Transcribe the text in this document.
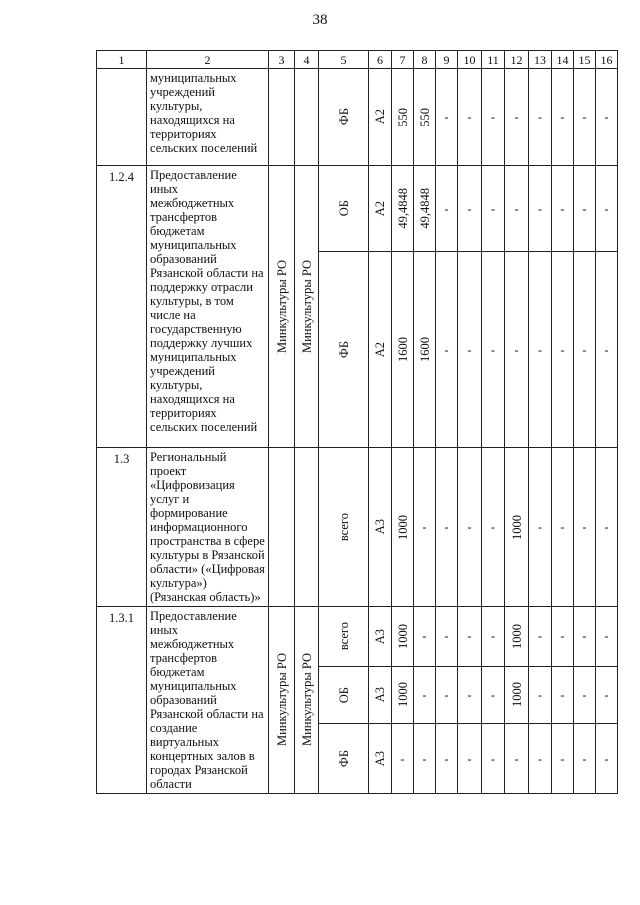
38
1	2	3	4	5	6	7	8	9	10	11	12	13	14	15	16
	муниципальных учреждений культуры, находящихся на территориях сельских поселений			ФБ	А2	550	550	-	-	-	-	-	-	-	-
1.2.4	Предоставление иных межбюджетных трансфертов бюджетам муниципальных образований Рязанской области на поддержку отрасли культуры, в том числе на государственную поддержку лучших муниципальных учреждений культуры, находящихся на территориях сельских поселений	Минкультуры РО	Минкультуры РО	ОБ	А2	49,4848	49,4848	-	-	-	-	-	-	-	-

				ФБ	А2	1600	1600	-	-	-	-	-	-	-	-
1.3	Региональный проект «Цифровизация услуг и формирование информационного пространства в сфере культуры в Рязанской области» («Цифровая культура») (Рязанская область)»			всего	А3	1000	-	-	-	-	1000	-	-	-	-
1.3.1	Предоставление иных межбюджетных трансфертов бюджетам муниципальных образований Рязанской области на создание виртуальных концертных залов в городах Рязанской области	Минкультуры РО	Минкультуры РО	всего	А3	1000	-	-	-	-	1000	-	-	-	-

				ОБ	А3	1000	-	-	-	-	1000	-	-	-	-

				ФБ	А3	-	-	-	-	-	-	-	-	-	-
